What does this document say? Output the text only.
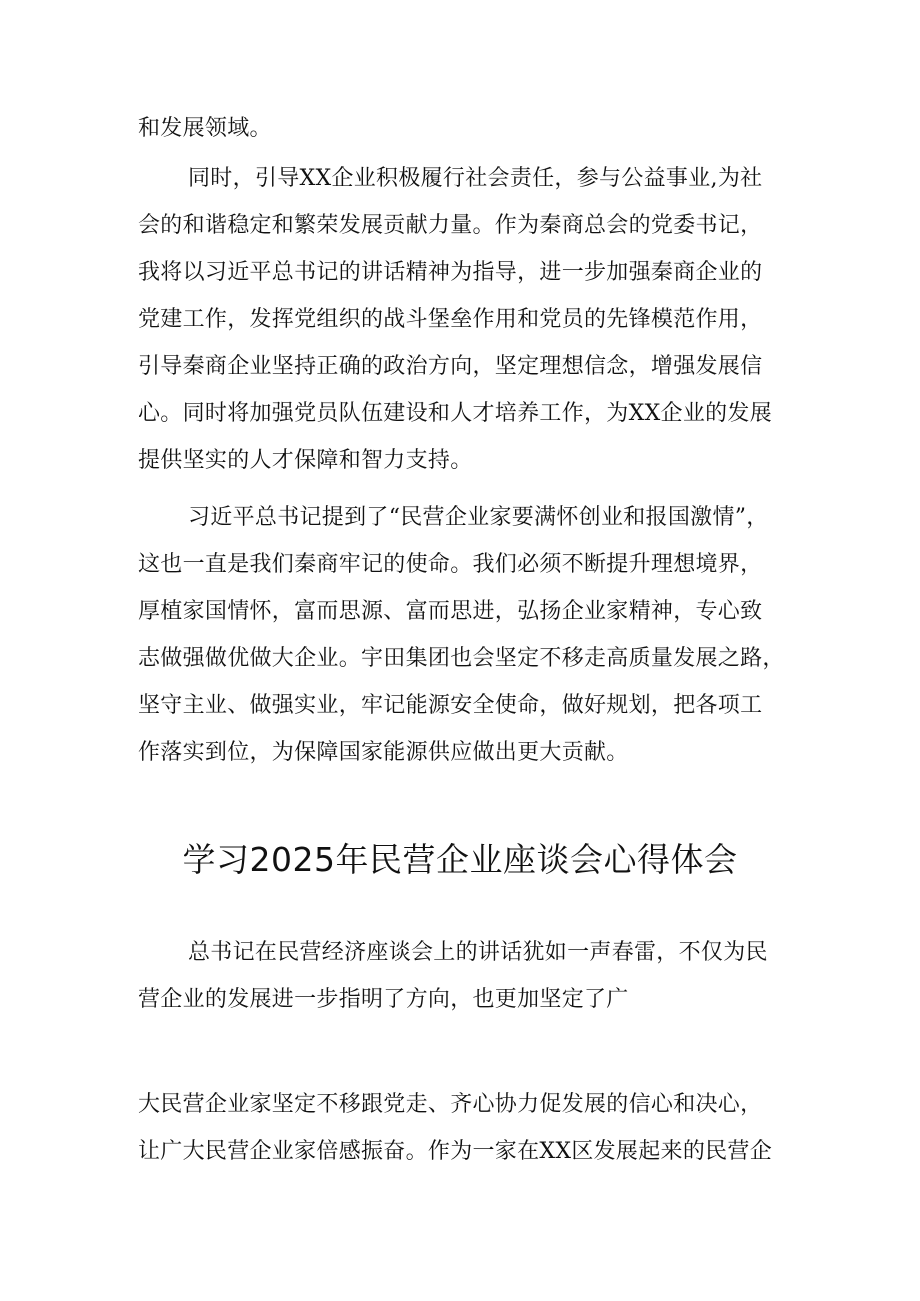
和发展领域。
同时，引导XX企业积极履行社会责任，参与公益事业,为社
会的和谐稳定和繁荣发展贡献力量。作为秦商总会的党委书记，
我将以习近平总书记的讲话精神为指导，进一步加强秦商企业的
党建工作，发挥党组织的战斗堡垒作用和党员的先锋模范作用，
引导秦商企业坚持正确的政治方向，坚定理想信念，增强发展信
心。同时将加强党员队伍建设和人才培养工作，为XX企业的发展
提供坚实的人才保障和智力支持。
习近平总书记提到了“民营企业家要满怀创业和报国激情”，
这也一直是我们秦商牢记的使命。我们必须不断提升理想境界，
厚植家国情怀，富而思源、富而思进，弘扬企业家精神，专心致
志做强做优做大企业。宇田集团也会坚定不移走高质量发展之路，
坚守主业、做强实业，牢记能源安全使命，做好规划，把各项工
作落实到位，为保障国家能源供应做出更大贡献。
学习2025年民营企业座谈会心得体会
总书记在民营经济座谈会上的讲话犹如一声春雷，不仅为民
营企业的发展进一步指明了方向，也更加坚定了广
大民营企业家坚定不移跟党走、齐心协力促发展的信心和决心，
让广大民营企业家倍感振奋。作为一家在XX区发展起来的民营企
